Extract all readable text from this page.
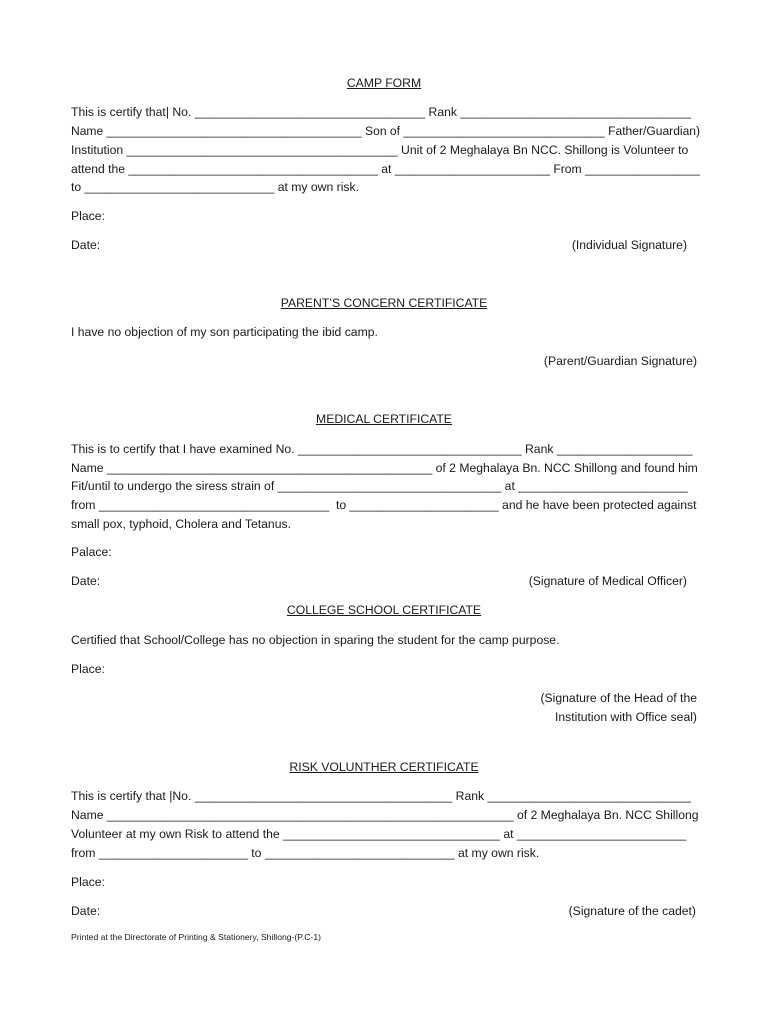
CAMP FORM
This is certify that| No. __________________________________ Rank __________________________________
Name ______________________________________ Son of ______________________________ Father/Guardian)
Institution ________________________________________ Unit of 2 Meghalaya Bn NCC. Shillong is Volunteer to
attend the _____________________________________ at _______________________ From _________________
to ____________________________ at my own risk.
Place:
Date:	(Individual Signature)
PARENT’S CONCERN CERTIFICATE
I have no objection of my son participating the ibid camp.
(Parent/Guardian Signature)
MEDICAL CERTIFICATE
This is to certify that I have examined No. _________________________________ Rank ____________________
Name ________________________________________________ of 2 Meghalaya Bn. NCC Shillong and found him
Fit/until to undergo the siress strain of _________________________________ at _________________________
from __________________________________  to ______________________ and he have been protected against
small pox, typhoid, Cholera and Tetanus.
Palace:
Date:	(Signature of Medical Officer)
COLLEGE SCHOOL CERTIFICATE
Certified that School/College has no objection in sparing the student for the camp purpose.
Place:
(Signature of the Head of the
Institution with Office seal)
RISK VOLUNTHER CERTIFICATE
This is certify that |No. ______________________________________ Rank ______________________________
Name ____________________________________________________________ of 2 Meghalaya Bn. NCC Shillong
Volunteer at my own Risk to attend the ________________________________ at _________________________
from ______________________ to ____________________________ at my own risk.
Place:
Date:	(Signature of the cadet)
Printed at the Directorate of Printing & Stationery, Shillong-(P.C-1)
